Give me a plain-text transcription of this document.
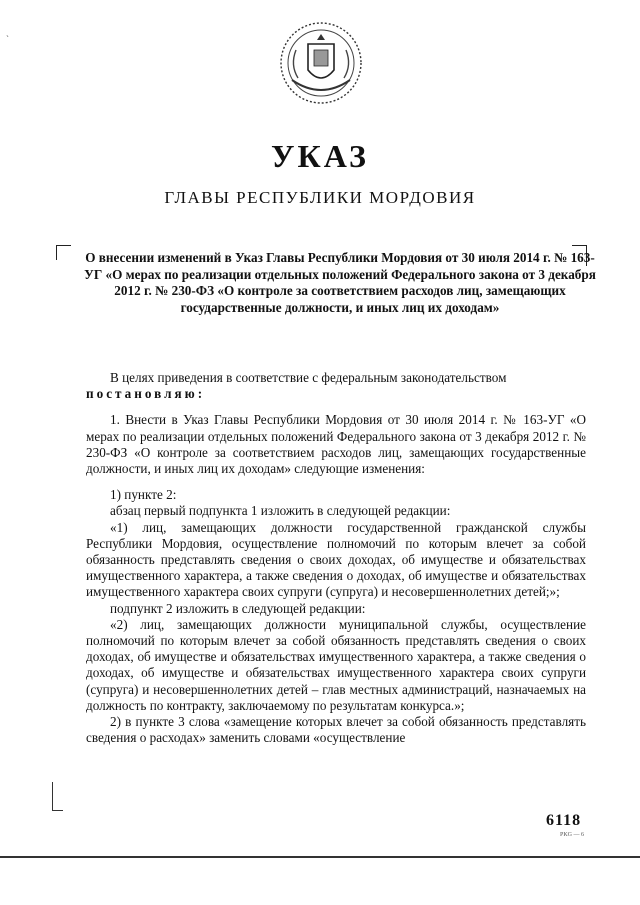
`
УКАЗ
ГЛАВЫ РЕСПУБЛИКИ МОРДОВИЯ
О внесении изменений в Указ Главы Республики Мордовия от 30 июля 2014 г. № 163-УГ «О мерах по реализации отдельных положений Федерального закона от 3 декабря 2012 г. № 230-ФЗ «О контроле за соответствием расходов лиц, замещающих государственные должности, и иных лиц их доходам»

В целях приведения в соответствие с федеральным законодательством

постановляю:

1. Внести в Указ Главы Республики Мордовия от 30 июля 2014 г. № 163-УГ «О мерах по реализации отдельных положений Федерального закона от 3 декабря 2012 г. № 230-ФЗ «О контроле за соответствием расходов лиц, замещающих государственные должности, и иных лиц их доходам» следующие изменения:

1) пункте 2:

абзац первый подпункта 1 изложить в следующей редакции:

«1) лиц, замещающих должности государственной гражданской службы Республики Мордовия, осуществление полномочий по которым влечет за собой обязанность представлять сведения о своих доходах, об имуществе и обязательствах имущественного характера, а также сведения о доходах, об имуществе и обязательствах имущественного характера своих супруги (супруга) и несовершеннолетних детей;»;

подпункт 2 изложить в следующей редакции:

«2) лиц, замещающих должности муниципальной службы, осуществление полномочий по которым влечет за собой обязанность представлять сведения о своих доходах, об имуществе и обязательствах имущественного характера, а также сведения о доходах, об имуществе и обязательствах имущественного характера своих супруги (супруга) и несовершеннолетних детей – глав местных администраций, назначаемых на должность по контракту, заключаемому по результатам конкурса.»;

2) в пункте 3 слова «замещение которых влечет за собой обязанность представлять сведения о расходах» заменить словами «осуществление

6118
PKG — 6
